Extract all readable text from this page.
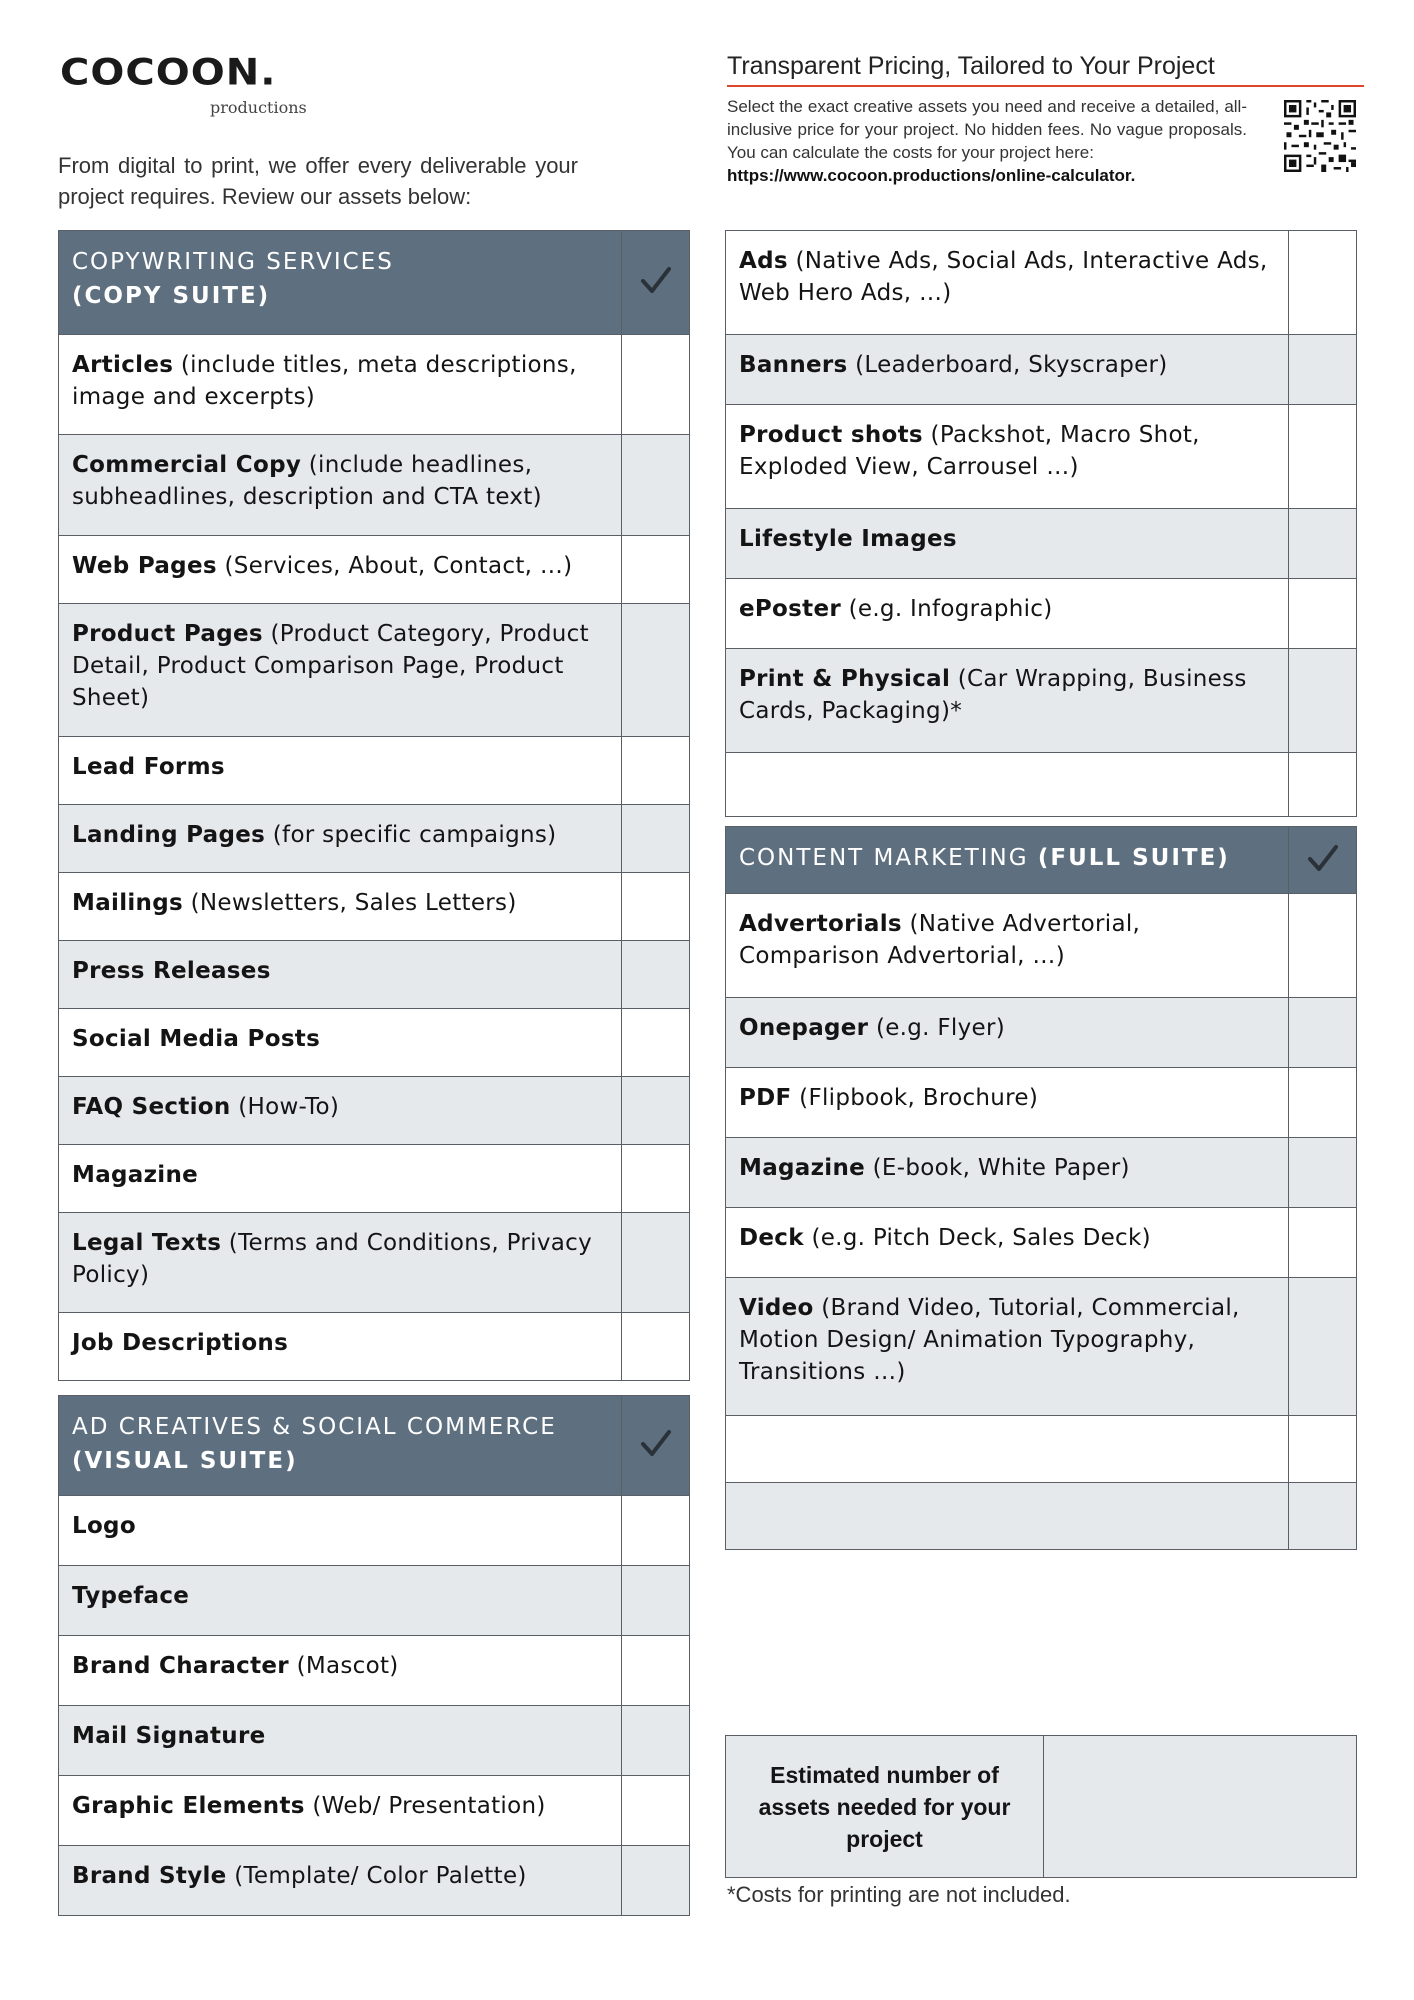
COCOON.
productions

From digital to print, we offer every deliverable your project requires. Review our assets below:

Transparent Pricing, Tailored to Your Project
Select the exact creative assets you need and receive a detailed, all-inclusive price for your project. No hidden fees. No vague proposals. You can calculate the costs for your project here:
https://www.cocoon.productions/online-calculator.
COPYWRITING SERVICES
(COPY SUITE)

Articles (include titles, meta descriptions, image and excerpts)	
Commercial Copy (include headlines, subheadlines, description and CTA text)	
Web Pages (Services, About, Contact, …)	
Product Pages (Product Category, Product Detail, Product Comparison Page, Product Sheet)	
Lead Forms	
Landing Pages (for specific campaigns)	
Mailings (Newsletters, Sales Letters)	
Press Releases	
Social Media Posts	
FAQ Section (How-To)	
Magazine	
Legal Texts (Terms and Conditions, Privacy Policy)	
Job Descriptions	
AD CREATIVES & SOCIAL COMMERCE
(VISUAL SUITE)

Logo	
Typeface	
Brand Character (Mascot)	
Mail Signature	
Graphic Elements (Web/ Presentation)	
Brand Style (Template/ Color Palette)	
Ads (Native Ads, Social Ads, Interactive Ads, Web Hero Ads, …)	
Banners (Leaderboard, Skyscraper)	
Product shots (Packshot, Macro Shot, Exploded View, Carrousel …)	
Lifestyle Images	
ePoster (e.g. Infographic)	
Print & Physical (Car Wrapping, Business Cards, Packaging)*	

CONTENT MARKETING (FULL SUITE)	
Advertorials (Native Advertorial, Comparison Advertorial, …)	
Onepager (e.g. Flyer)	
PDF (Flipbook, Brochure)	
Magazine (E-book, White Paper)	
Deck (e.g. Pitch Deck, Sales Deck)	
Video (Brand Video, Tutorial, Commercial, Motion Design/ Animation Typography, Transitions …)	

Estimated number of assets needed for your project	
*Costs for printing are not included.
